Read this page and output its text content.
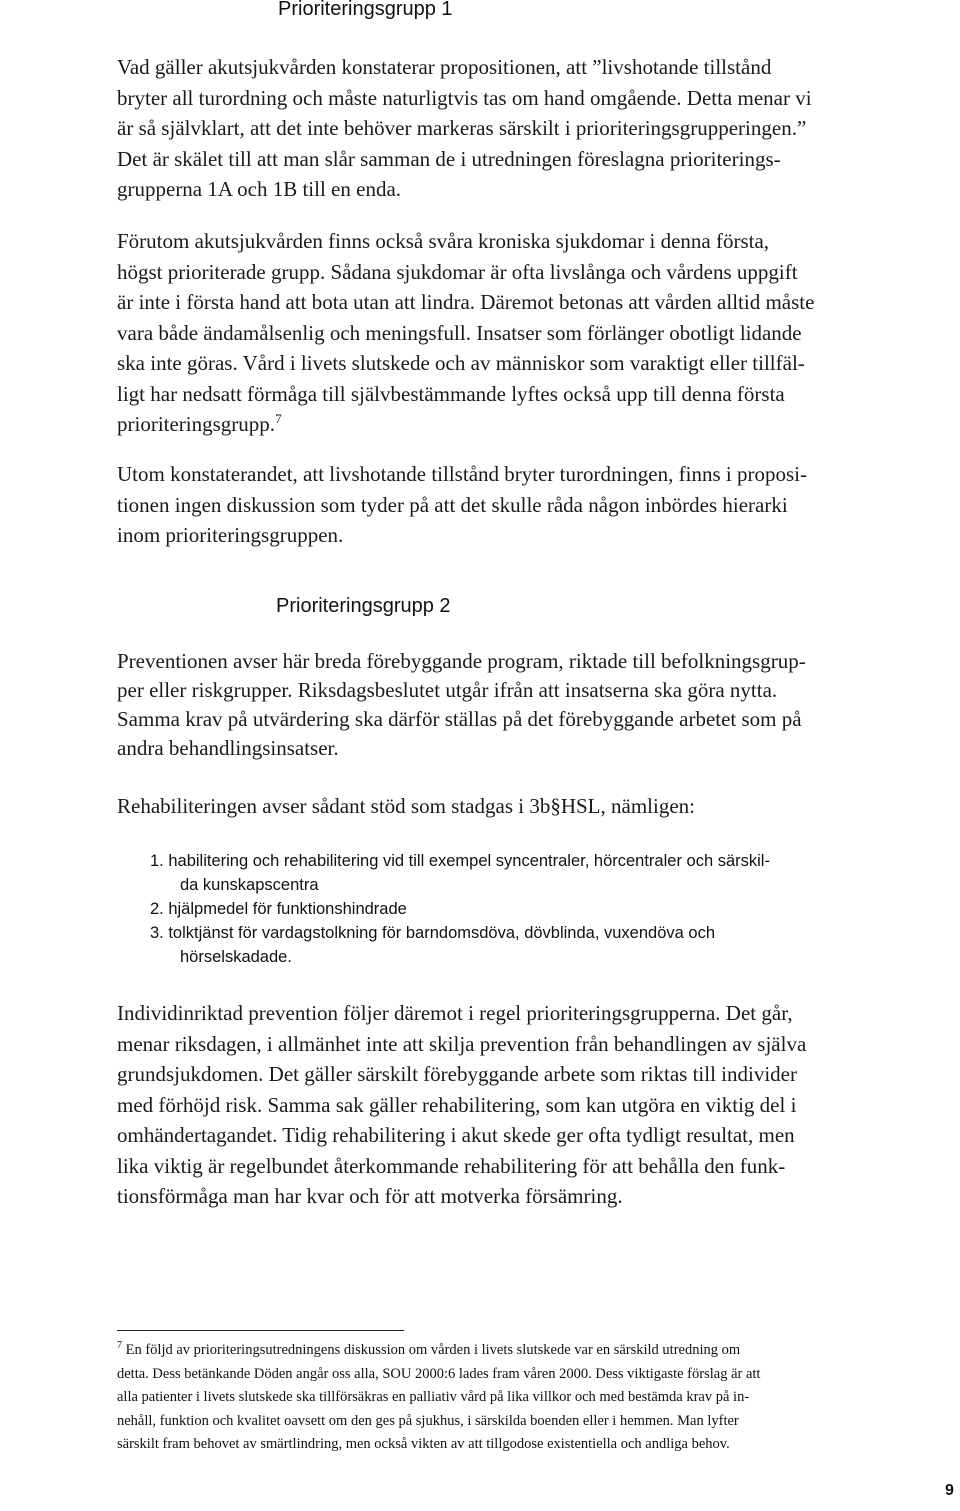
Prioriteringsgrupp 1
Vad gäller akutsjukvården konstaterar propositionen, att ”livshotande tillstånd
bryter all turordning och måste naturligtvis tas om hand omgående. Detta menar vi
är så självklart, att det inte behöver markeras särskilt i prioriteringsgrupperingen.”
Det är skälet till att man slår samman de i utredningen föreslagna prioriterings-
grupperna 1A och 1B till en enda.
Förutom akutsjukvården finns också svåra kroniska sjukdomar i denna första,
högst prioriterade grupp. Sådana sjukdomar är ofta livslånga och vårdens uppgift
är inte i första hand att bota utan att lindra. Däremot betonas att vården alltid måste
vara både ändamålsenlig och meningsfull. Insatser som förlänger obotligt lidande
ska inte göras. Vård i livets slutskede och av människor som varaktigt eller tillfäl-
ligt har nedsatt förmåga till självbestämmande lyftes också upp till denna första
prioriteringsgrupp.$^7$
Utom konstaterandet, att livshotande tillstånd bryter turordningen, finns i proposi-
tionen ingen diskussion som tyder på att det skulle råda någon inbördes hierarki
inom prioriteringsgruppen.
Prioriteringsgrupp 2
Preventionen avser här breda förebyggande program, riktade till befolkningsgrup-
per eller riskgrupper. Riksdagsbeslutet utgår ifrån att insatserna ska göra nytta.
Samma krav på utvärdering ska därför ställas på det förebyggande arbetet som på
andra behandlingsinsatser.
Rehabiliteringen avser sådant stöd som stadgas i 3b§HSL, nämligen:
1. habilitering och rehabilitering vid till exempel syncentraler, hörcentraler och särskil-
da kunskapscentra
2. hjälpmedel för funktionshindrade
3. tolktjänst för vardagstolkning för barndomsdöva, dövblinda, vuxendöva och
hörselskadade.
Individinriktad prevention följer däremot i regel prioriteringsgrupperna. Det går,
menar riksdagen, i allmänhet inte att skilja prevention från behandlingen av själva
grundsjukdomen. Det gäller särskilt förebyggande arbete som riktas till individer
med förhöjd risk. Samma sak gäller rehabilitering, som kan utgöra en viktig del i
omhändertagandet. Tidig rehabilitering i akut skede ger ofta tydligt resultat, men
lika viktig är regelbundet återkommande rehabilitering för att behålla den funk-
tionsförmåga man har kvar och för att motverka försämring.
$^7$ En följd av prioriteringsutredningens diskussion om vården i livets slutskede var en särskild utredning om
detta. Dess betänkande Döden angår oss alla, SOU 2000:6 lades fram våren 2000. Dess viktigaste förslag är att
alla patienter i livets slutskede ska tillförsäkras en palliativ vård på lika villkor och med bestämda krav på in-
nehåll, funktion och kvalitet oavsett om den ges på sjukhus, i särskilda boenden eller i hemmen. Man lyfter
särskilt fram behovet av smärtlindring, men också vikten av att tillgodose existentiella och andliga behov.
9
